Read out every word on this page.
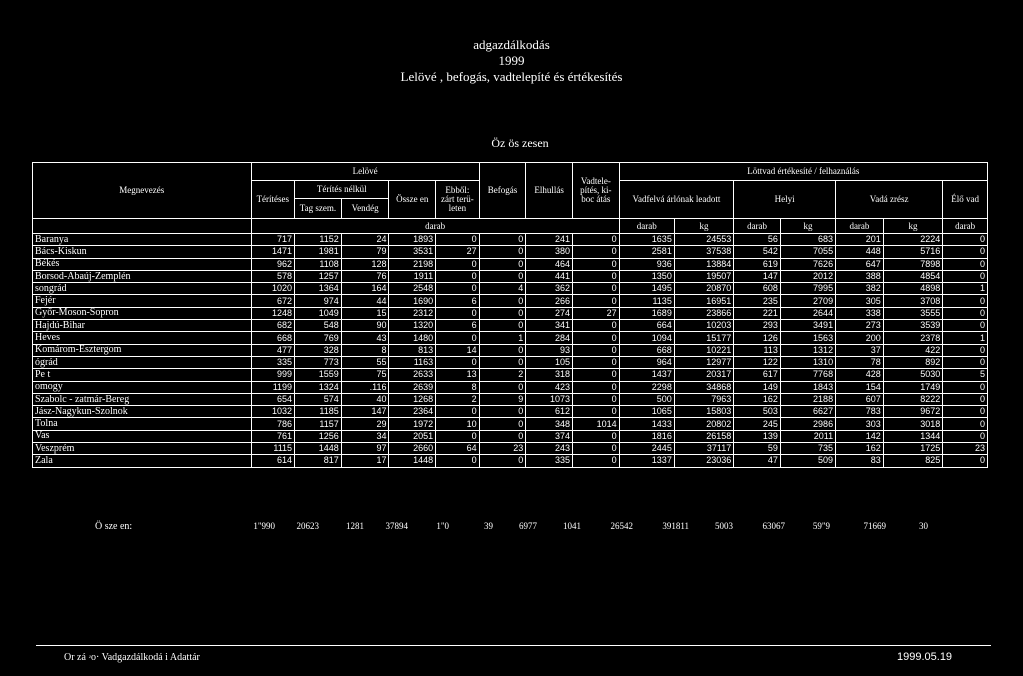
adgazdálkodás
1999
Lelövé , befogás, vadtelepíté és értékesítés
Öz ös zesen
Megnevezés	Lelövé					Befogás	Elhullás	Vadtele- pítés, ki- boc átás	Löttvad értékesíté / felhaználás						
	Térítéses	Térítés nélkül		Össze en	Ebből: zárt terü- leten				Vadfelvá árlónak leadott		Helyi		Vadá zrész		Élő vad
		Tag szem.	Vendég												
	darab								darab	kg	darab	kg	darab	kg	darab
Baranya	717	1152	24	1893	0	0	241	0	1635	24553	56	683	201	2224	0
Bács-Kiskun	1471	1981	79	3531	27	0	380	0	2581	37538	542	7055	448	5716	0
Békés	962	1108	128	2198	0	0	464	0	936	13884	619	7626	647	7898	0
Borsod-Abaúj-Zemplén	578	1257	76	1911	0	0	441	0	1350	19507	147	2012	388	4854	0
songrád	1020	1364	164	2548	0	4	362	0	1495	20870	608	7995	382	4898	1
Fejér	672	974	44	1690	6	0	266	0	1135	16951	235	2709	305	3708	0
Győr-Moson-Sopron	1248	1049	15	2312	0	0	274	27	1689	23866	221	2644	338	3555	0
Hajdú-Bihar	682	548	90	1320	6	0	341	0	664	10203	293	3491	273	3539	0
Heves	668	769	43	1480	0	1	284	0	1094	15177	126	1563	200	2378	1
Komárom-Esztergom	477	328	8	813	14	0	93	0	668	10221	113	1312	37	422	0
ógrád	335	773	55	1163	0	0	105	0	964	12977	122	1310	78	892	0
Pe t	999	1559	75	2633	13	2	318	0	1437	20317	617	7768	428	5030	5
omogy	1199	1324	.116	2639	8	0	423	0	2298	34868	149	1843	154	1749	0
Szabolc - zatmár-Bereg	654	574	40	1268	2	9	1073	0	500	7963	162	2188	607	8222	0
Jász-Nagykun-Szolnok	1032	1185	147	2364	0	0	612	0	1065	15803	503	6627	783	9672	0
Tolna	786	1157	29	1972	10	0	348	1014	1433	20802	245	2986	303	3018	0
Vas	761	1256	34	2051	0	0	374	0	1816	26158	139	2011	142	1344	0
Veszprém	1115	1448	97	2660	64	23	243	0	2445	37117	59	735	162	1725	23
Zala	614	817	17	1448	0	0	335	0	1337	23036	47	509	83	825	0
Ö sze en:	1"990	20623	1281	37894	1"0	39	6977	1041	26542	391811	5003	63067	59"9	71669	30
Or zá ۥo· Vadgazdálkodá i Adattár	1999.05.19
